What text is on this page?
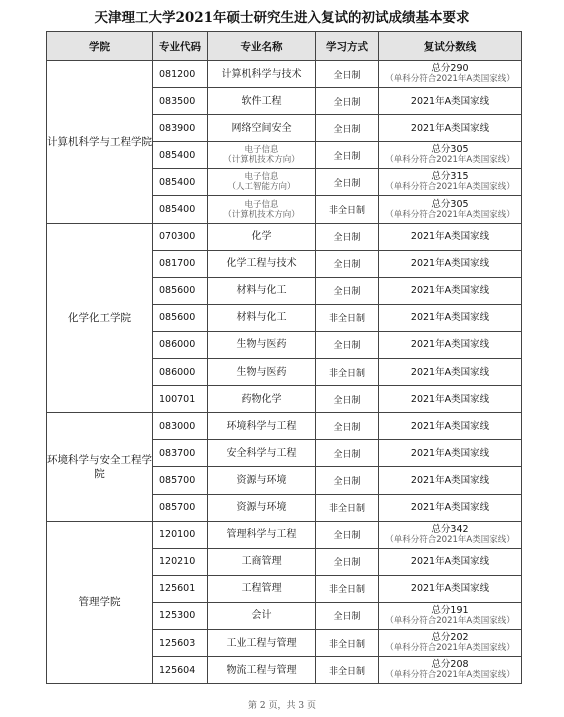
天津理工大学2021年硕士研究生进入复试的初试成绩基本要求
学院	专业代码	专业名称	学习方式	复试分数线
计算机科学与工程学院	081200	计算机科学与技术	全日制	总分290
（单科分符合2021年A类国家线）

	083500	软件工程	全日制	2021年A类国家线
	083900	网络空间安全	全日制	2021年A类国家线
	085400	电子信息
（计算机技术方向）	全日制	总分305
（单科分符合2021年A类国家线）

	085400	电子信息
（人工智能方向）	全日制	总分315
（单科分符合2021年A类国家线）

	085400	电子信息
（计算机技术方向）	非全日制	总分305
（单科分符合2021年A类国家线）

化学化工学院	070300	化学	全日制	2021年A类国家线
	081700	化学工程与技术	全日制	2021年A类国家线
	085600	材料与化工	全日制	2021年A类国家线
	085600	材料与化工	非全日制	2021年A类国家线
	086000	生物与医药	全日制	2021年A类国家线
	086000	生物与医药	非全日制	2021年A类国家线
	100701	药物化学	全日制	2021年A类国家线
环境科学与安全工程学院	083000	环境科学与工程	全日制	2021年A类国家线
	083700	安全科学与工程	全日制	2021年A类国家线
	085700	资源与环境	全日制	2021年A类国家线
	085700	资源与环境	非全日制	2021年A类国家线
管理学院	120100	管理科学与工程	全日制	总分342
（单科分符合2021年A类国家线）

	120210	工商管理	全日制	2021年A类国家线
	125601	工程管理	非全日制	2021年A类国家线
	125300	会计	全日制	总分191
（单科分符合2021年A类国家线）

	125603	工业工程与管理	非全日制	总分202
（单科分符合2021年A类国家线）

	125604	物流工程与管理	非全日制	总分208
（单科分符合2021年A类国家线）
第 2 页，共 3 页
